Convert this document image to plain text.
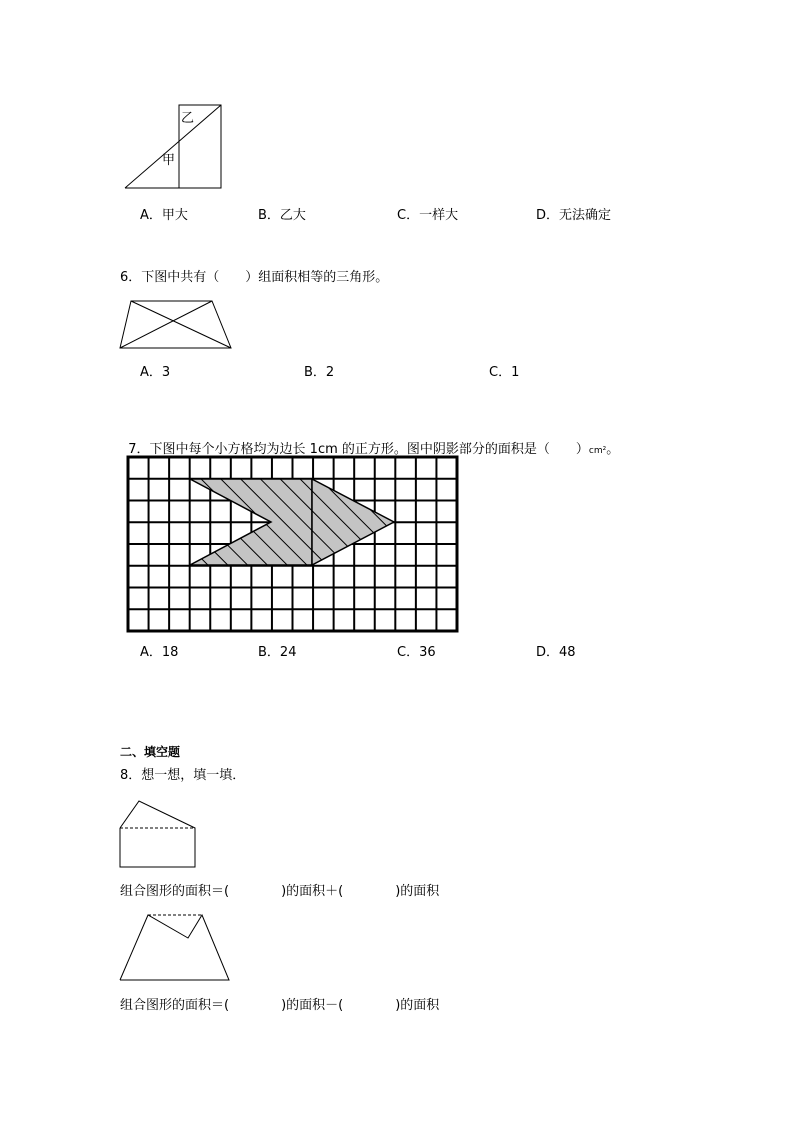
乙
甲
A．甲大	B．乙大	C．一样大	D．无法确定
6．下图中共有（　　）组面积相等的三角形。
A．3	B．2	C．1

7．下图中每个小方格均为边长 1cm 的正方形。图中阴影部分的面积是（　　）cm²。

A．18	B．24	C．36	D．48
二、填空题
8．想一想，填一填．
组合图形的面积＝(　　　　)的面积＋(　　　　)的面积
组合图形的面积＝(　　　　)的面积－(　　　　)的面积
